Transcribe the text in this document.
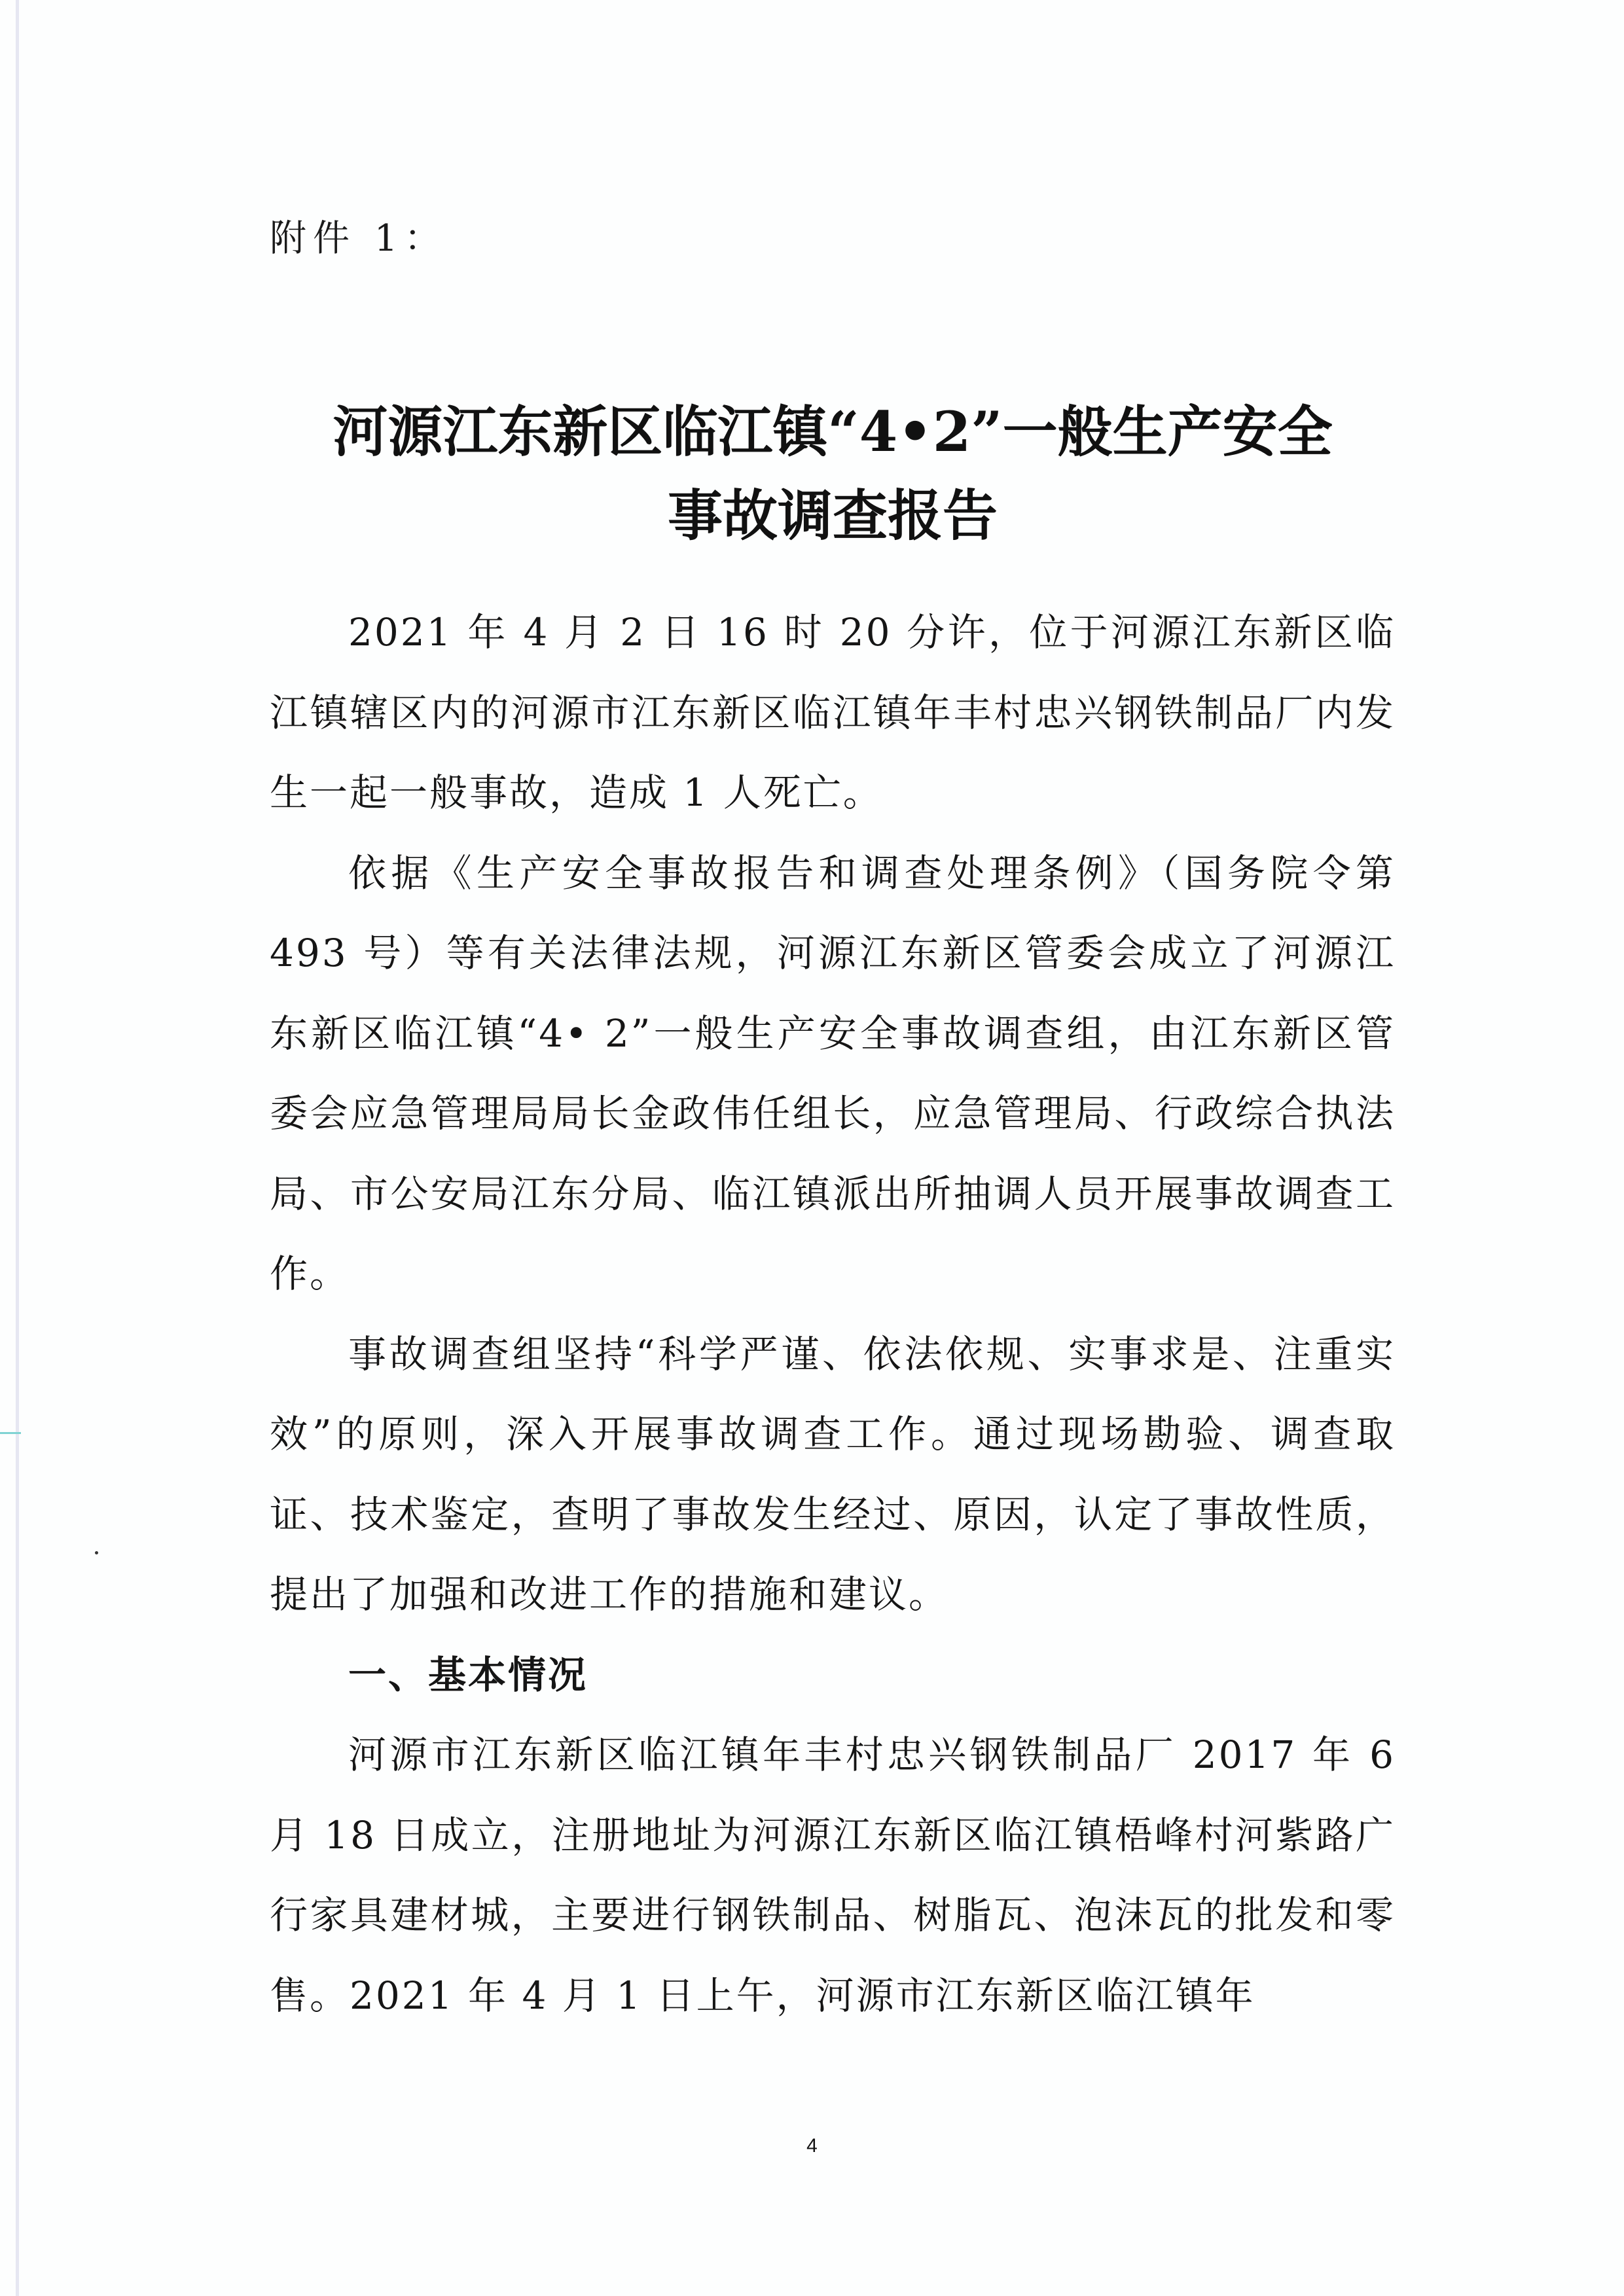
附件 1：
河源江东新区临江镇“4•2”一般生产安全
事故调查报告

2021 年 4 月 2 日 16 时 20 分许，位于河源江东新区临江镇辖区内的河源市江东新区临江镇年丰村忠兴钢铁制品厂内发生一起一般事故，造成 1 人死亡。

依据《生产安全事故报告和调查处理条例》（国务院令第 493 号）等有关法律法规，河源江东新区管委会成立了河源江东新区临江镇“4• 2”一般生产安全事故调查组，由江东新区管委会应急管理局局长金政伟任组长，应急管理局、行政综合执法局、市公安局江东分局、临江镇派出所抽调人员开展事故调查工作。

事故调查组坚持“科学严谨、依法依规、实事求是、注重实效”的原则，深入开展事故调查工作。通过现场勘验、调查取证、技术鉴定，查明了事故发生经过、原因，认定了事故性质，提出了加强和改进工作的措施和建议。

一、基本情况

河源市江东新区临江镇年丰村忠兴钢铁制品厂 2017 年 6 月 18 日成立，注册地址为河源江东新区临江镇梧峰村河紫路广行家具建材城，主要进行钢铁制品、树脂瓦、泡沫瓦的批发和零售。2021 年 4 月 1 日上午，河源市江东新区临江镇年

4
